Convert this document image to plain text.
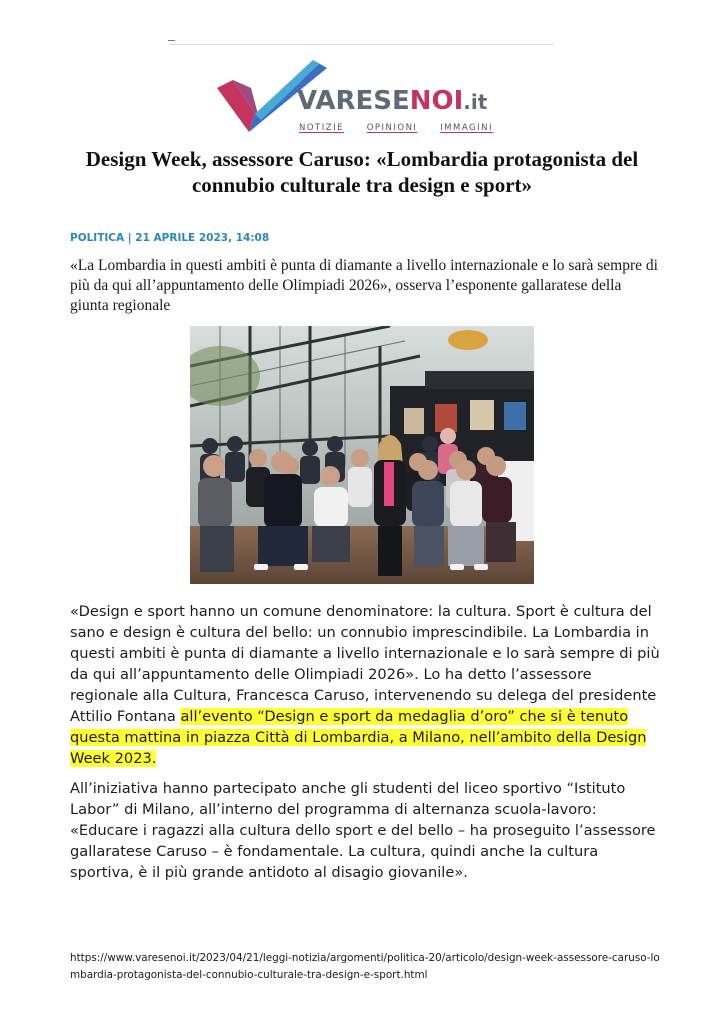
VARESENOI.it
NOTIZIE	OPINIONI	IMMAGINI
Design Week, assessore Caruso: «Lombardia protagonista del connubio culturale tra design e sport»
POLITICA | 21 APRILE 2023, 14:08

«La Lombardia in questi ambiti è punta di diamante a livello internazionale e lo sarà sempre di più da qui all’appuntamento delle Olimpiadi 2026», osserva l’esponente gallaratese della giunta regionale

«Design e sport hanno un comune denominatore: la cultura. Sport è cultura del sano e design è cultura del bello: un connubio imprescindibile. La Lombardia in questi ambiti è punta di diamante a livello internazionale e lo sarà sempre di più da qui all’appuntamento delle Olimpiadi 2026». Lo ha detto l’assessore regionale alla Cultura, Francesca Caruso, intervenendo su delega del presidente Attilio Fontana all’evento “Design e sport da medaglia d’oro” che si è tenuto questa mattina in piazza Città di Lombardia, a Milano, nell’ambito della Design Week 2023.

All’iniziativa hanno partecipato anche gli studenti del liceo sportivo “Istituto Labor” di Milano, all’interno del programma di alternanza scuola-lavoro: «Educare i ragazzi alla cultura dello sport e del bello – ha proseguito l’assessore gallaratese Caruso – è fondamentale. La cultura, quindi anche la cultura sportiva, è il più grande antidoto al disagio giovanile».

https://www.varesenoi.it/2023/04/21/leggi-notizia/argomenti/politica-20/articolo/design-week-assessore-caruso-lombardia-protagonista-del-connubio-culturale-tra-design-e-sport.html
